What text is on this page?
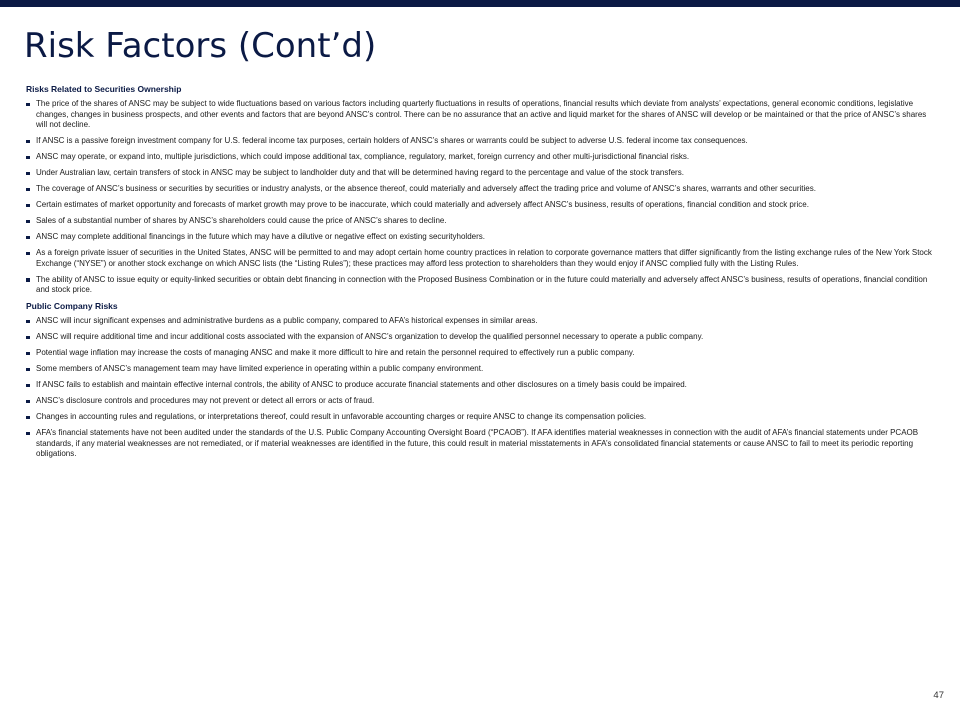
Risk Factors (Cont’d)
Risks Related to Securities Ownership
The price of the shares of ANSC may be subject to wide fluctuations based on various factors including quarterly fluctuations in results of operations, financial results which deviate from analysts’ expectations, general economic conditions, legislative changes, changes in business prospects, and other events and factors that are beyond ANSC’s control. There can be no assurance that an active and liquid market for the shares of ANSC will develop or be maintained or that the price of ANSC’s shares will not decline.
If ANSC is a passive foreign investment company for U.S. federal income tax purposes, certain holders of ANSC’s shares or warrants could be subject to adverse U.S. federal income tax consequences.
ANSC may operate, or expand into, multiple jurisdictions, which could impose additional tax, compliance, regulatory, market, foreign currency and other multi-jurisdictional financial risks.
Under Australian law, certain transfers of stock in ANSC may be subject to landholder duty and that will be determined having regard to the percentage and value of the stock transfers.
The coverage of ANSC’s business or securities by securities or industry analysts, or the absence thereof, could materially and adversely affect the trading price and volume of ANSC’s shares, warrants and other securities.
Certain estimates of market opportunity and forecasts of market growth may prove to be inaccurate, which could materially and adversely affect ANSC’s business, results of operations, financial condition and stock price.
Sales of a substantial number of shares by ANSC’s shareholders could cause the price of ANSC’s shares to decline.
ANSC may complete additional financings in the future which may have a dilutive or negative effect on existing securityholders.
As a foreign private issuer of securities in the United States, ANSC will be permitted to and may adopt certain home country practices in relation to corporate governance matters that differ significantly from the listing exchange rules of the New York Stock Exchange (“NYSE”) or another stock exchange on which ANSC lists (the “Listing Rules”); these practices may afford less protection to shareholders than they would enjoy if ANSC complied fully with the Listing Rules.
The ability of ANSC to issue equity or equity-linked securities or obtain debt financing in connection with the Proposed Business Combination or in the future could materially and adversely affect ANSC’s business, results of operations, financial condition and stock price.
Public Company Risks
ANSC will incur significant expenses and administrative burdens as a public company, compared to AFA’s historical expenses in similar areas.
ANSC will require additional time and incur additional costs associated with the expansion of ANSC’s organization to develop the qualified personnel necessary to operate a public company.
Potential wage inflation may increase the costs of managing ANSC and make it more difficult to hire and retain the personnel required to effectively run a public company.
Some members of ANSC’s management team may have limited experience in operating within a public company environment.
If ANSC fails to establish and maintain effective internal controls, the ability of ANSC to produce accurate financial statements and other disclosures on a timely basis could be impaired.
ANSC’s disclosure controls and procedures may not prevent or detect all errors or acts of fraud.
Changes in accounting rules and regulations, or interpretations thereof, could result in unfavorable accounting charges or require ANSC to change its compensation policies.
AFA’s financial statements have not been audited under the standards of the U.S. Public Company Accounting Oversight Board (“PCAOB”). If AFA identifies material weaknesses in connection with the audit of AFA’s financial statements under PCAOB standards, if any material weaknesses are not remediated, or if material weaknesses are identified in the future, this could result in material misstatements in AFA’s consolidated financial statements or cause ANSC to fail to meet its periodic reporting obligations.
47
